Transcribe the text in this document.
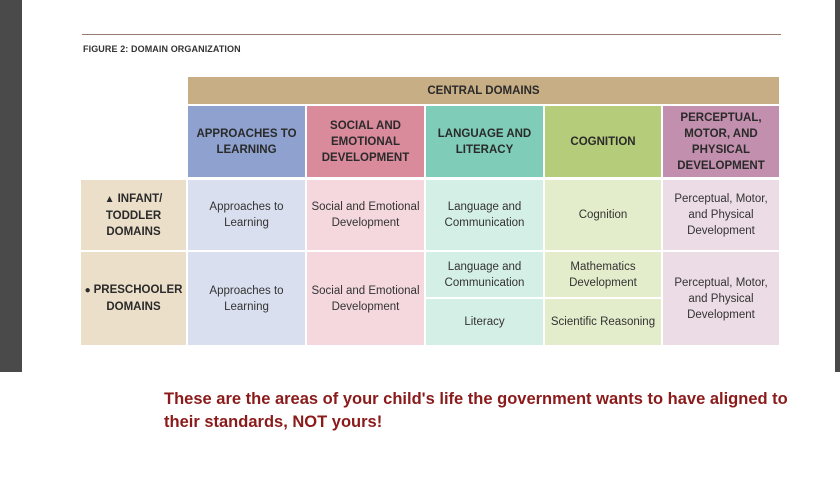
FIGURE 2: DOMAIN ORGANIZATION
CENTRAL DOMAINS
APPROACHES TO LEARNING
SOCIAL AND EMOTIONAL DEVELOPMENT
LANGUAGE AND LITERACY
COGNITION
PERCEPTUAL, MOTOR, AND PHYSICAL DEVELOPMENT
▲ INFANT/ TODDLER DOMAINS
Approaches to Learning
Social and Emotional Development
Language and Communication
Cognition
Perceptual, Motor, and Physical Development
● PRESCHOOLER DOMAINS
Approaches to Learning
Social and Emotional Development
Language and Communication
Literacy
Mathematics Development
Scientific Reasoning
Perceptual, Motor, and Physical Development
These are the areas of your child's life the government wants to have aligned to their standards, NOT yours!
